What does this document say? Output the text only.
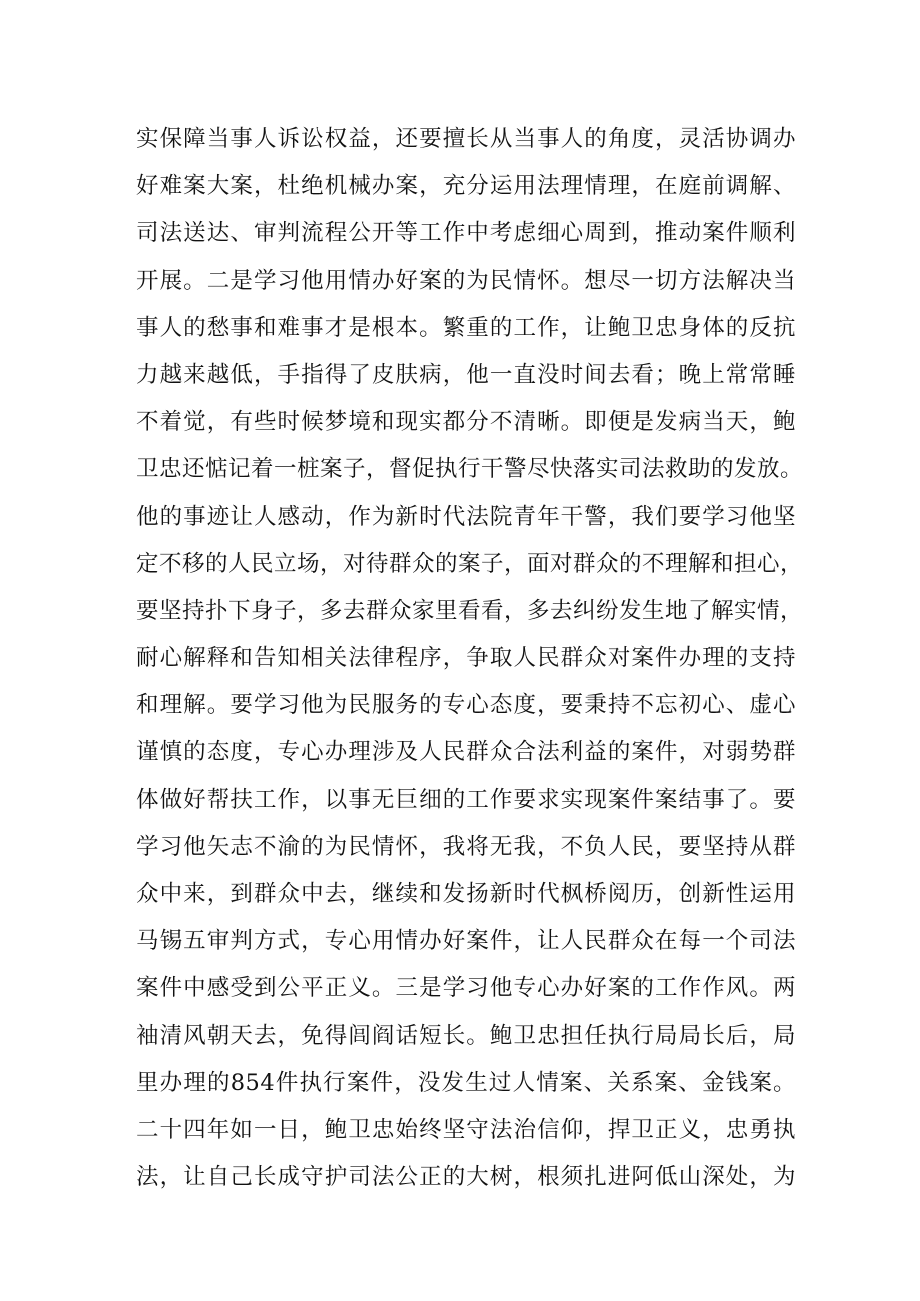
实保障当事人诉讼权益，还要擅长从当事人的角度，灵活协调办
好难案大案，杜绝机械办案，充分运用法理情理，在庭前调解、
司法送达、审判流程公开等工作中考虑细心周到，推动案件顺利
开展。二是学习他用情办好案的为民情怀。想尽一切方法解决当
事人的愁事和难事才是根本。繁重的工作，让鲍卫忠身体的反抗
力越来越低，手指得了皮肤病，他一直没时间去看；晚上常常睡
不着觉，有些时候梦境和现实都分不清晰。即便是发病当天，鲍
卫忠还惦记着一桩案子，督促执行干警尽快落实司法救助的发放。
他的事迹让人感动，作为新时代法院青年干警，我们要学习他坚
定不移的人民立场，对待群众的案子，面对群众的不理解和担心，
要坚持扑下身子，多去群众家里看看，多去纠纷发生地了解实情，
耐心解释和告知相关法律程序，争取人民群众对案件办理的支持
和理解。要学习他为民服务的专心态度，要秉持不忘初心、虚心
谨慎的态度，专心办理涉及人民群众合法利益的案件，对弱势群
体做好帮扶工作，以事无巨细的工作要求实现案件案结事了。要
学习他矢志不渝的为民情怀，我将无我，不负人民，要坚持从群
众中来，到群众中去，继续和发扬新时代枫桥阅历，创新性运用
马锡五审判方式，专心用情办好案件，让人民群众在每一个司法
案件中感受到公平正义。三是学习他专心办好案的工作作风。两
袖清风朝天去，免得闾阎话短长。鲍卫忠担任执行局局长后，局
里办理的854件执行案件，没发生过人情案、关系案、金钱案。
二十四年如一日，鲍卫忠始终坚守法治信仰，捍卫正义，忠勇执
法，让自己长成守护司法公正的大树，根须扎进阿低山深处，为
